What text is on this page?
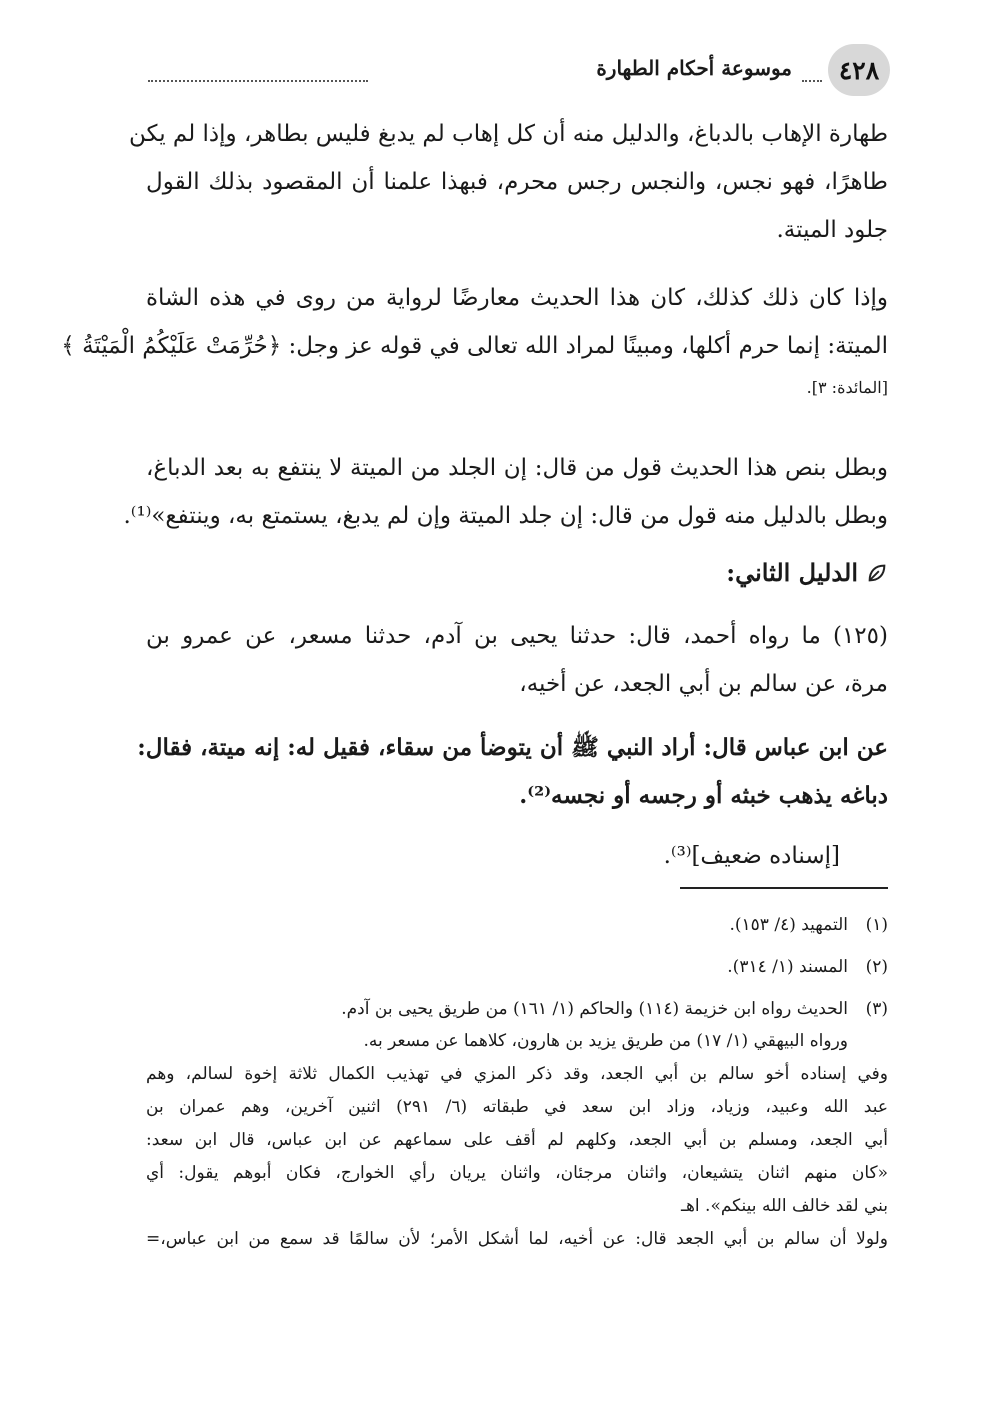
موسوعة أحكام الطهارة	٤٢٨
طهارة الإهاب بالدباغ، والدليل منه أن كل إهاب لم يدبغ فليس بطاهر، وإذا لم يكن
طاهرًا، فهو نجس، والنجس رجس محرم، فبهذا علمنا أن المقصود بذلك القول
جلود الميتة.
وإذا كان ذلك كذلك، كان هذا الحديث معارضًا لرواية من روى في هذه الشاة
الميتة: إنما حرم أكلها، ومبينًا لمراد الله تعالى في قوله عز وجل: ﴿حُرِّمَتْ عَلَيْكُمُ الْمَيْتَةُ ﴾
[المائدة: ٣].
وبطل بنص هذا الحديث قول من قال: إن الجلد من الميتة لا ينتفع به بعد الدباغ،
وبطل بالدليل منه قول من قال: إن جلد الميتة وإن لم يدبغ، يستمتع به، وينتفع»⁽¹⁾.
الدليل الثاني:
(١٢٥) ما رواه أحمد، قال: حدثنا يحيى بن آدم، حدثنا مسعر، عن عمرو بن
مرة، عن سالم بن أبي الجعد، عن أخيه،
عن ابن عباس قال: أراد النبي ﷺ أن يتوضأ من سقاء، فقيل له: إنه ميتة، فقال:
دباغه يذهب خبثه أو رجسه أو نجسه⁽²⁾.
[إسناده ضعيف]⁽³⁾.
(١)
التمهيد (٤/ ١٥٣).
(٢)
المسند (١/ ٣١٤).
(٣)
الحديث رواه ابن خزيمة (١١٤) والحاكم (١/ ١٦١) من طريق يحيى بن آدم.
ورواه البيهقي (١/ ١٧) من طريق يزيد بن هارون، كلاهما عن مسعر به.
وفي إسناده أخو سالم بن أبي الجعد، وقد ذكر المزي في تهذيب الكمال ثلاثة إخوة لسالم، وهم
عبد الله وعبيد، وزياد، وزاد ابن سعد في طبقاته (٦/ ٢٩١) اثنين آخرين، وهم عمران بن
أبي الجعد، ومسلم بن أبي الجعد، وكلهم لم أقف على سماعهم عن ابن عباس، قال ابن سعد:
«كان منهم اثنان يتشيعان، واثنان مرجئان، واثنان يريان رأي الخوارج، فكان أبوهم يقول: أي
بني لقد خالف الله بينكم». اهـ
ولولا أن سالم بن أبي الجعد قال: عن أخيه، لما أشكل الأمر؛ لأن سالمًا قد سمع من ابن عباس،=
